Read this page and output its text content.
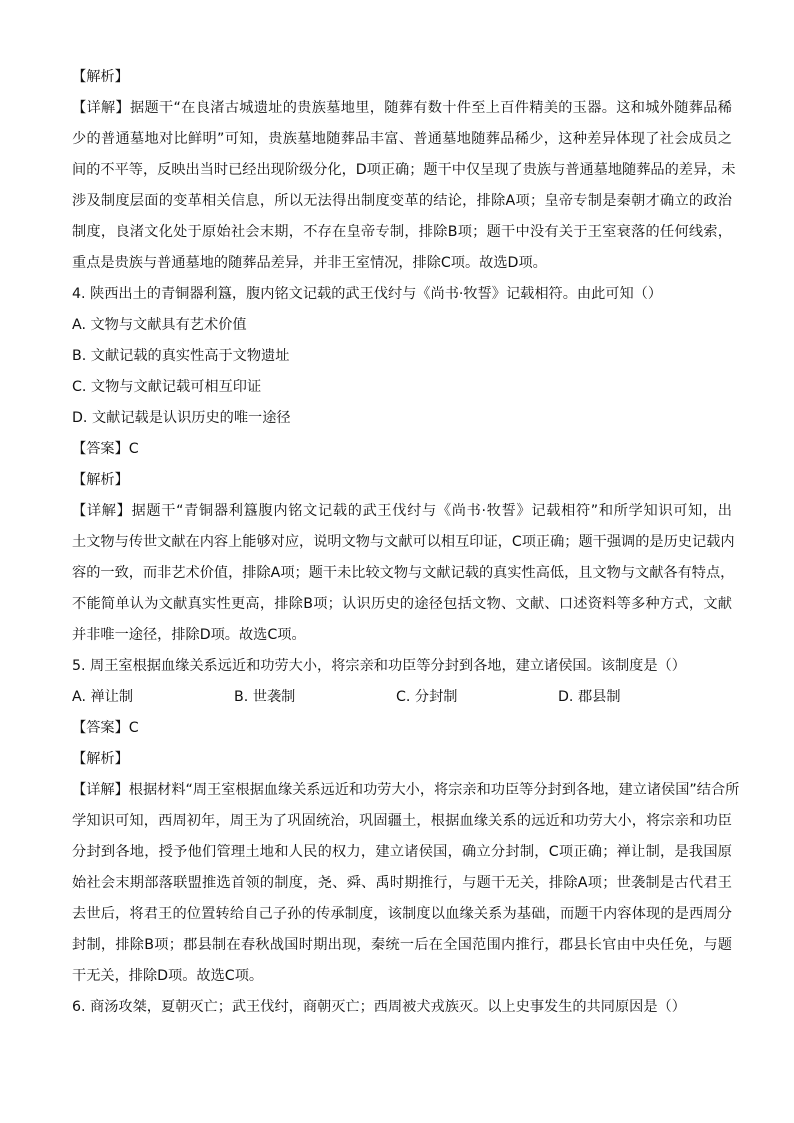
【解析】
【详解】据题干“在良渚古城遗址的贵族墓地里，随葬有数十件至上百件精美的玉器。这和城外随葬品稀
少的普通墓地对比鲜明”可知，贵族墓地随葬品丰富、普通墓地随葬品稀少，这种差异体现了社会成员之
间的不平等，反映出当时已经出现阶级分化，D项正确；题干中仅呈现了贵族与普通墓地随葬品的差异，未
涉及制度层面的变革相关信息，所以无法得出制度变革的结论，排除A项；皇帝专制是秦朝才确立的政治
制度，良渚文化处于原始社会末期，不存在皇帝专制，排除B项；题干中没有关于王室衰落的任何线索，
重点是贵族与普通墓地的随葬品差异，并非王室情况，排除C项。故选D项。
4. 陕西出土的青铜器利簋，腹内铭文记载的武王伐纣与《尚书·牧誓》记载相符。由此可知（）
A. 文物与文献具有艺术价值
B. 文献记载的真实性高于文物遗址
C. 文物与文献记载可相互印证
D. 文献记载是认识历史的唯一途径
【答案】C
【解析】
【详解】据题干“青铜器利簋腹内铭文记载的武王伐纣与《尚书·牧誓》记载相符”和所学知识可知，出
土文物与传世文献在内容上能够对应，说明文物与文献可以相互印证，C项正确；题干强调的是历史记载内
容的一致，而非艺术价值，排除A项；题干未比较文物与文献记载的真实性高低，且文物与文献各有特点，
不能简单认为文献真实性更高，排除B项；认识历史的途径包括文物、文献、口述资料等多种方式，文献
并非唯一途径，排除D项。故选C项。
5. 周王室根据血缘关系远近和功劳大小，将宗亲和功臣等分封到各地，建立诸侯国。该制度是（）
A. 禅让制	B. 世袭制	C. 分封制	D. 郡县制
【答案】C
【解析】
【详解】根据材料“周王室根据血缘关系远近和功劳大小，将宗亲和功臣等分封到各地，建立诸侯国”结合所
学知识可知，西周初年，周王为了巩固统治，巩固疆土，根据血缘关系的远近和功劳大小，将宗亲和功臣
分封到各地，授予他们管理土地和人民的权力，建立诸侯国，确立分封制，C项正确；禅让制，是我国原
始社会末期部落联盟推选首领的制度，尧、舜、禹时期推行，与题干无关，排除A项；世袭制是古代君王
去世后，将君王的位置转给自己子孙的传承制度，该制度以血缘关系为基础，而题干内容体现的是西周分
封制，排除B项；郡县制在春秋战国时期出现，秦统一后在全国范围内推行，郡县长官由中央任免，与题
干无关，排除D项。故选C项。
6. 商汤攻桀，夏朝灭亡；武王伐纣，商朝灭亡；西周被犬戎族灭。以上史事发生的共同原因是（）
